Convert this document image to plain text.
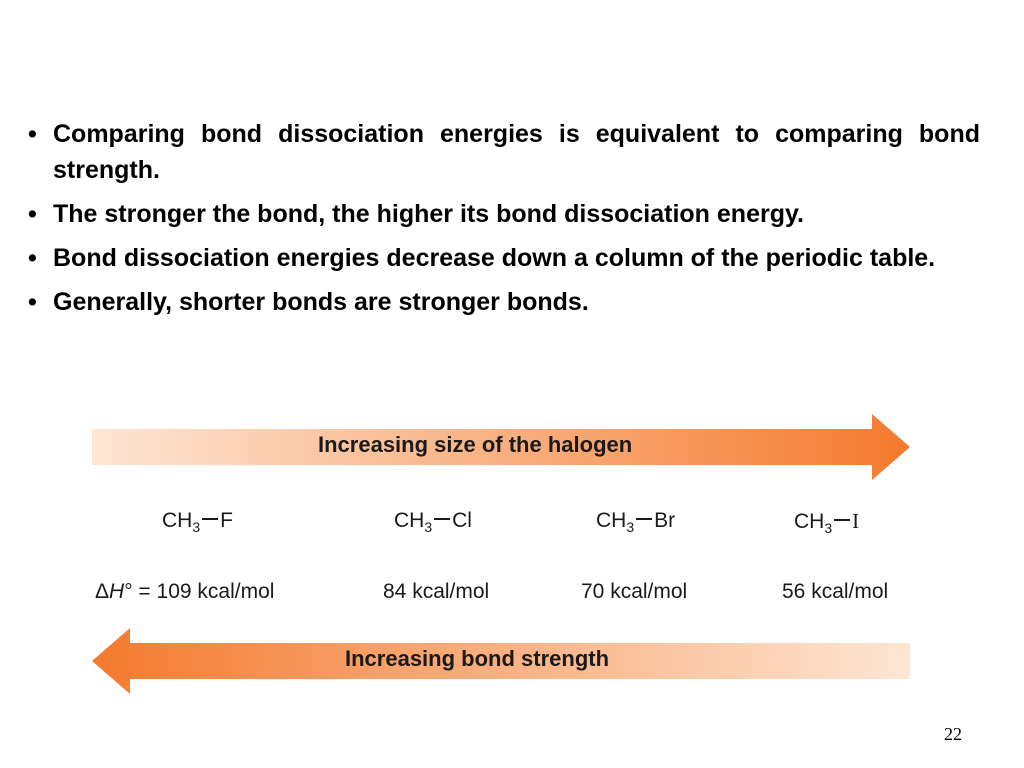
• Comparing bond dissociation energies is equivalent to comparing bond strength.
• The stronger the bond, the higher its bond dissociation energy.
• Bond dissociation energies decrease down a column of the periodic table.
• Generally, shorter bonds are stronger bonds.
Increasing size of the halogen
$CH_3$ F	$CH_3$ Cl	$CH_3$ Br	$CH_3$ I
ΔH° = 109 kcal/mol	84 kcal/mol	70 kcal/mol	56 kcal/mol
Increasing bond strength
22
